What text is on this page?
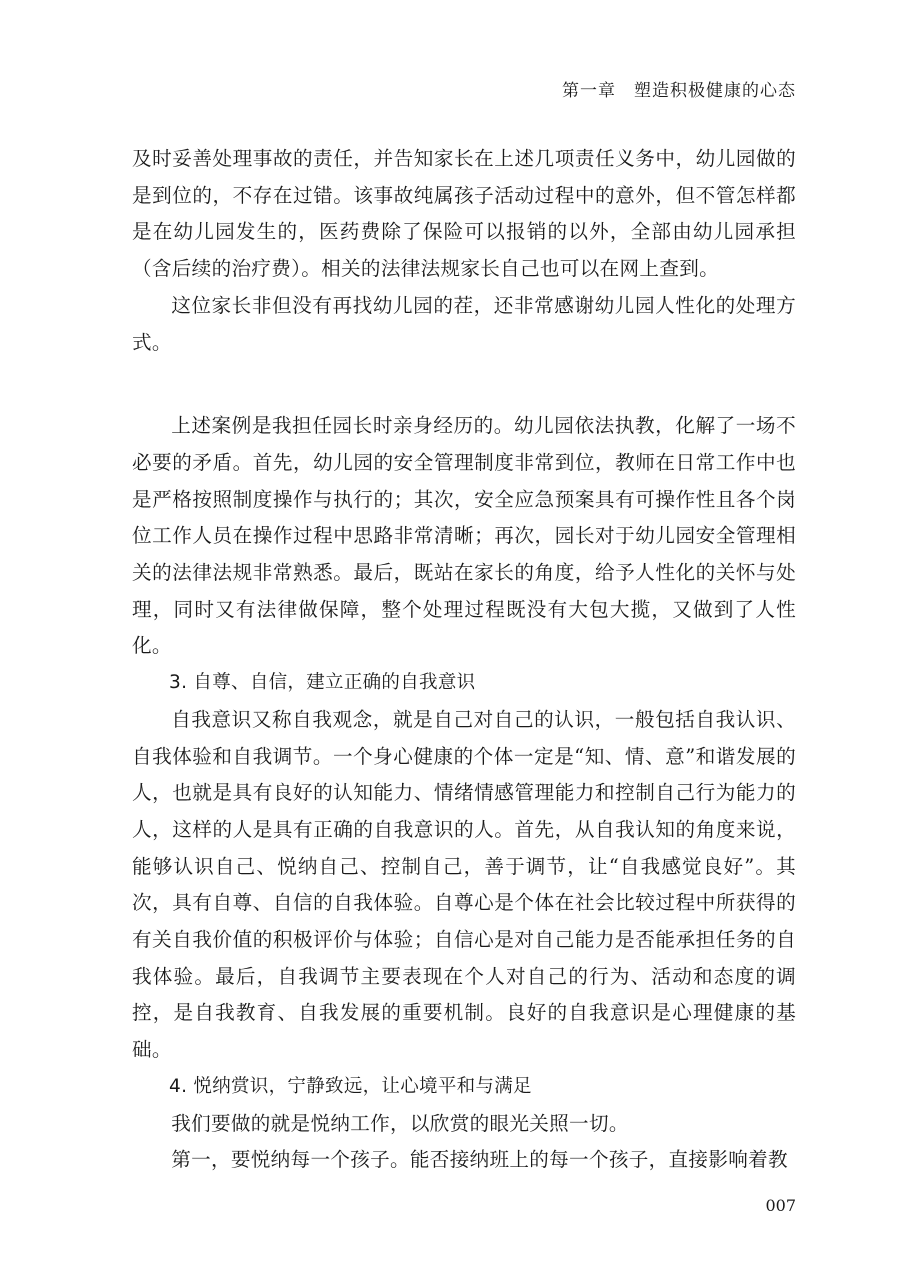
第一章 塑造积极健康的心态

及时妥善处理事故的责任，并告知家长在上述几项责任义务中，幼儿园做的是到位的，不存在过错。该事故纯属孩子活动过程中的意外，但不管怎样都是在幼儿园发生的，医药费除了保险可以报销的以外，全部由幼儿园承担（含后续的治疗费）。相关的法律法规家长自己也可以在网上查到。

这位家长非但没有再找幼儿园的茬，还非常感谢幼儿园人性化的处理方式。

上述案例是我担任园长时亲身经历的。幼儿园依法执教，化解了一场不必要的矛盾。首先，幼儿园的安全管理制度非常到位，教师在日常工作中也是严格按照制度操作与执行的；其次，安全应急预案具有可操作性且各个岗位工作人员在操作过程中思路非常清晰；再次，园长对于幼儿园安全管理相关的法律法规非常熟悉。最后，既站在家长的角度，给予人性化的关怀与处理，同时又有法律做保障，整个处理过程既没有大包大揽，又做到了人性化。

3. 自尊、自信，建立正确的自我意识

自我意识又称自我观念，就是自己对自己的认识，一般包括自我认识、自我体验和自我调节。一个身心健康的个体一定是“知、情、意”和谐发展的人，也就是具有良好的认知能力、情绪情感管理能力和控制自己行为能力的人，这样的人是具有正确的自我意识的人。首先，从自我认知的角度来说，能够认识自己、悦纳自己、控制自己，善于调节，让“自我感觉良好”。其次，具有自尊、自信的自我体验。自尊心是个体在社会比较过程中所获得的有关自我价值的积极评价与体验；自信心是对自己能力是否能承担任务的自我体验。最后，自我调节主要表现在个人对自己的行为、活动和态度的调控，是自我教育、自我发展的重要机制。良好的自我意识是心理健康的基础。

4. 悦纳赏识，宁静致远，让心境平和与满足

我们要做的就是悦纳工作，以欣赏的眼光关照一切。

第一，要悦纳每一个孩子。能否接纳班上的每一个孩子，直接影响着教

007
